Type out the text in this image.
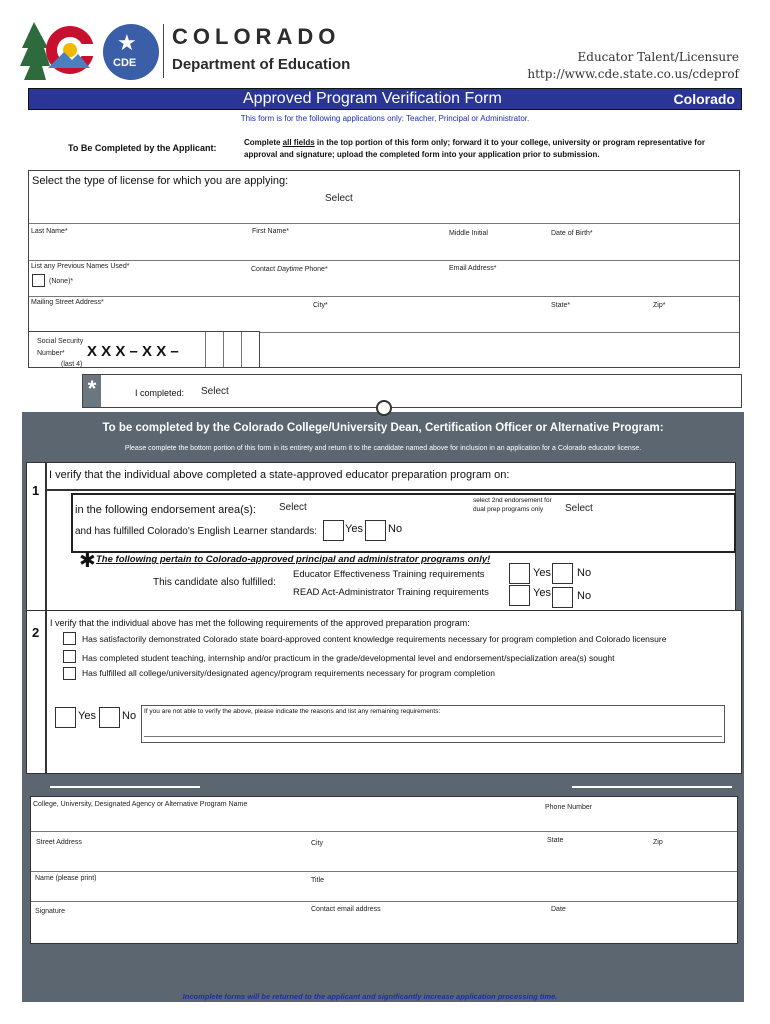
★
CDE
COLORADO
Department of Education	Educator Talent/Licensure
http://www.cde.state.co.us/cdeprof
Approved Program Verification Form	Colorado
This form is for the following applications only: Teacher, Principal or Administrator.
To Be Completed by the Applicant:
Complete all fields in the top portion of this form only; forward it to your college, university or program representative for approval and signature; upload the completed form into your application prior to submission.
Select the type of license for which you are applying:
Select
Last Name*	First Name*	Middle Initial	Date of Birth*
List any Previous Names Used*
(None)*
Contact Daytime Phone*	Email Address*
Mailing Street Address*	City*	State*	Zip*
Social Security
Number*
(last 4)
X X X – X X –
*	I completed: Select
To be completed by the Colorado College/University Dean, Certification Officer or Alternative Program:
Please complete the bottom portion of this form in its entirety and return it to the candidate named above for inclusion in an application for a Colorado educator license.
1
I verify that the individual above completed a state-approved educator preparation program on:
in the following endorsement area(s): Select
select 2nd endorsement for dual prep programs only	Select
and has fulfilled Colorado's English Learner standards:	Yes No
✱ The following pertain to Colorado-approved principal and administrator programs only!
This candidate also fulfilled:
Educator Effectiveness Training requirements	Yes No
READ Act-Administrator Training requirements	Yes No
2
I verify that the individual above has met the following requirements of the approved preparation program:
Has satisfactorily demonstrated Colorado state board-approved content knowledge requirements necessary for program completion and Colorado licensure
Has completed student teaching, internship and/or practicum in the grade/developmental level and endorsement/specialization area(s) sought
Has fulfilled all college/university/designated agency/program requirements necessary for program completion
Yes No If you are not able to verify the above, please indicate the reasons and list any remaining requirements:
College, University, Designated Agency or Alternative Program Name	Phone Number
Street Address	City	State	Zip
Name (please print)	Title
Signature	Contact email address	Date
Incomplete forms will be returned to the applicant and significantly increase application processing time.
